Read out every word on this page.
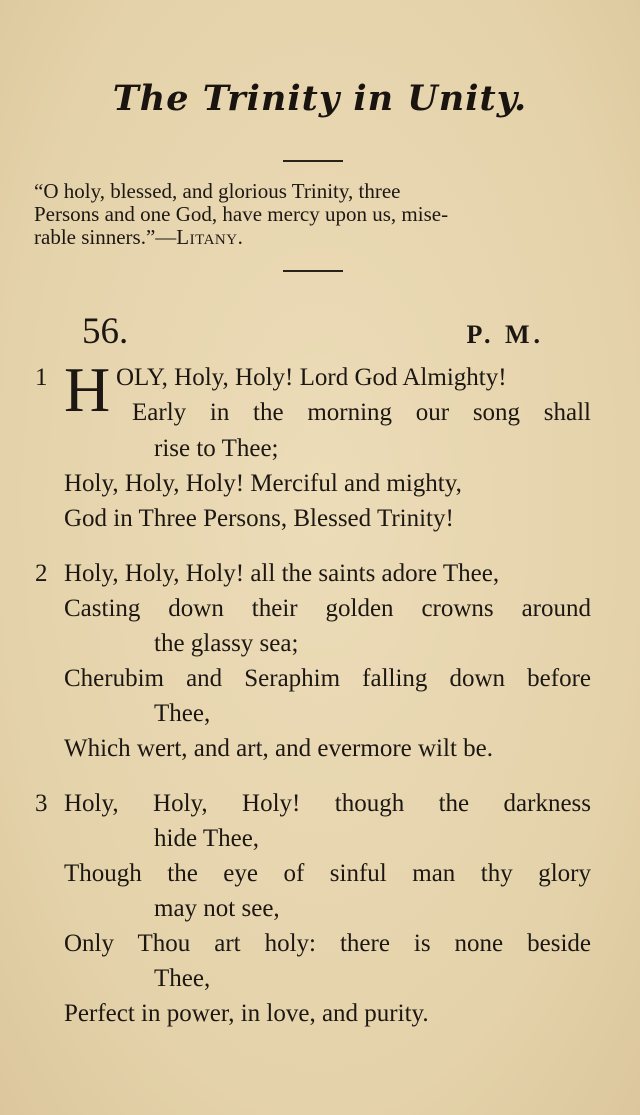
The Trinity in Unity.
“O holy, blessed, and glorious Trinity, three
Persons and one God, have mercy upon us, mise-
rable sinners.”—Litany.
56.	P. M.
1 H OLY, Holy, Holy! Lord God Almighty!
Early in the morning our song shall
rise to Thee;
Holy, Holy, Holy! Merciful and mighty,
God in Three Persons, Blessed Trinity!
2 Holy, Holy, Holy! all the saints adore Thee,
Casting down their golden crowns around
the glassy sea;
Cherubim and Seraphim falling down before
Thee,
Which wert, and art, and evermore wilt be.
3 Holy, Holy, Holy! though the darkness
hide Thee,
Though the eye of sinful man thy glory
may not see,
Only Thou art holy: there is none beside
Thee,
Perfect in power, in love, and purity.
